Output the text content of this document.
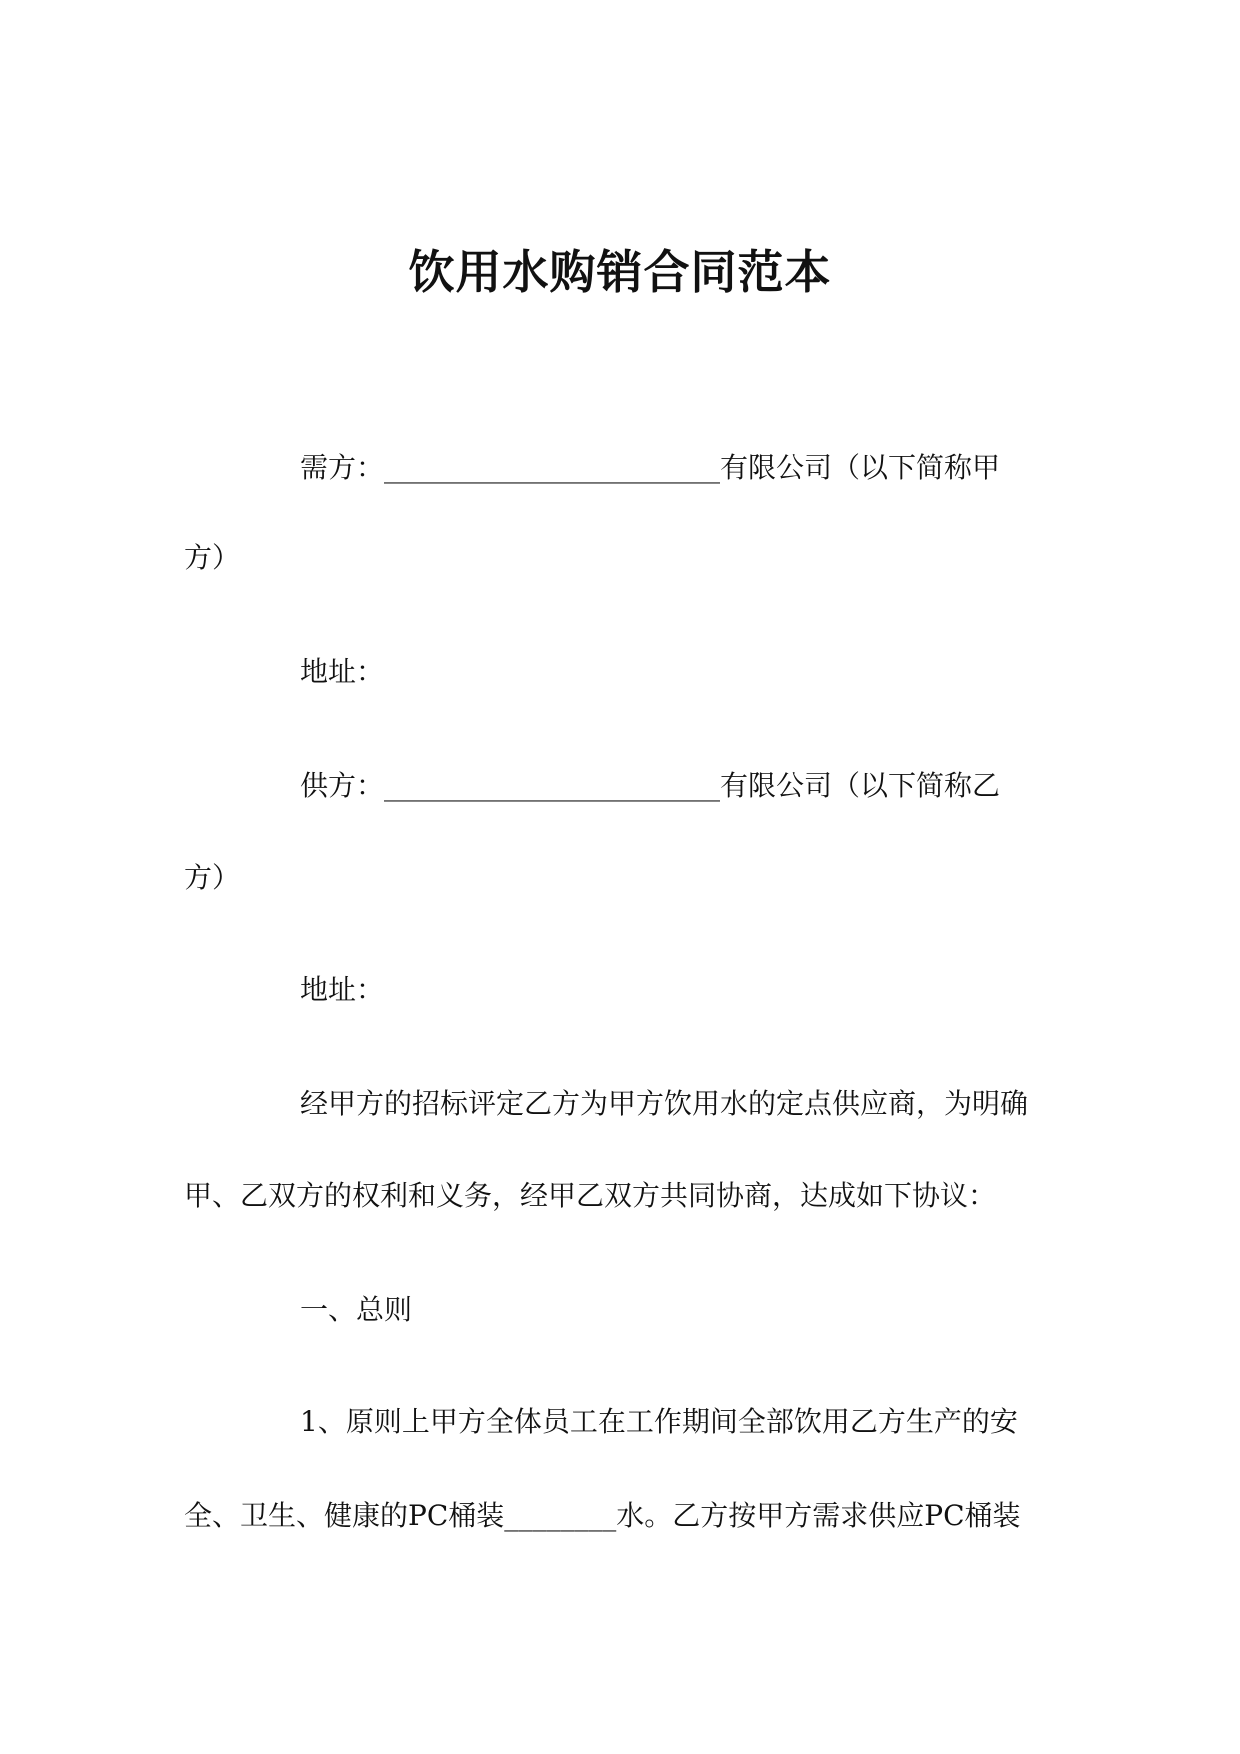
饮用水购销合同范本

需方：________________________有限公司（以下简称甲

方）

地址：

供方：________________________有限公司（以下简称乙

方）

地址：

经甲方的招标评定乙方为甲方饮用水的定点供应商，为明确

甲、乙双方的权利和义务，经甲乙双方共同协商，达成如下协议：

一、总则

1、原则上甲方全体员工在工作期间全部饮用乙方生产的安

全、卫生、健康的PC桶装________水。乙方按甲方需求供应PC桶装
